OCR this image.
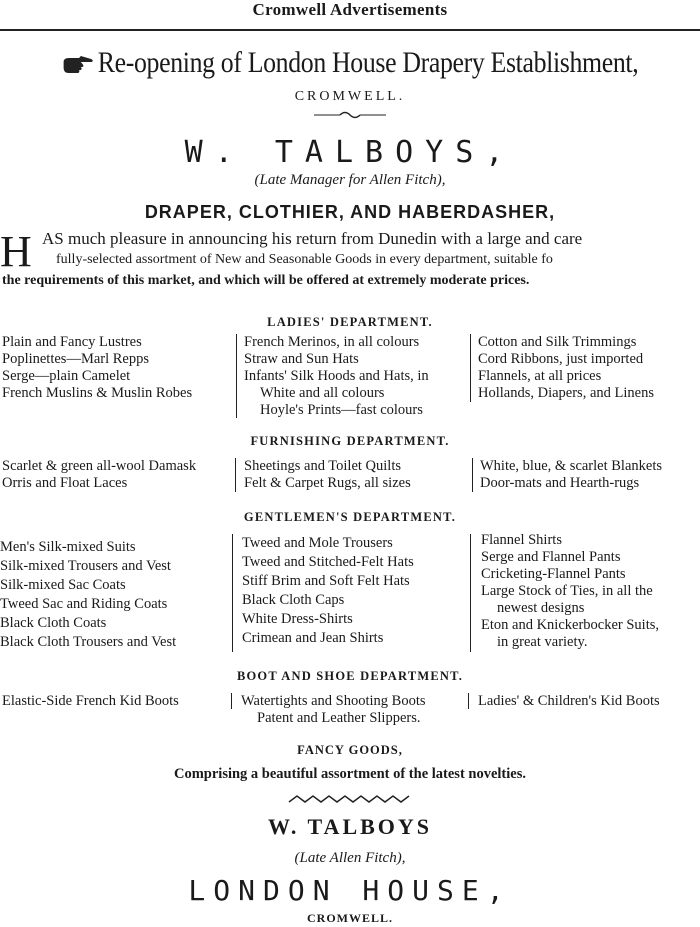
Cromwell Advertisements
Re-opening of London House Drapery Establishment,
CROMWELL.
W. TALBOYS,
(Late Manager for Allen Fitch),
DRAPER, CLOTHIER, AND HABERDASHER,
H AS much pleasure in announcing his return from Dunedin with a large and care

fully-selected assortment of New and Seasonable Goods in every department, suitable fo

the requirements of this market, and which will be offered at extremely moderate prices.

LADIES' DEPARTMENT.
Plain and Fancy Lustres
Poplinettes—Marl Repps
Serge—plain Camelet
French Muslins & Muslin Robes
French Merinos, in all colours
Straw and Sun Hats
Infants' Silk Hoods and Hats, in
White and all colours
Hoyle's Prints—fast colours
Cotton and Silk Trimmings
Cord Ribbons, just imported
Flannels, at all prices
Hollands, Diapers, and Linens
FURNISHING DEPARTMENT.
Scarlet & green all-wool Damask
Orris and Float Laces
Sheetings and Toilet Quilts
Felt & Carpet Rugs, all sizes
White, blue, & scarlet Blankets
Door-mats and Hearth-rugs
GENTLEMEN'S DEPARTMENT.
Men's Silk-mixed Suits
Silk-mixed Trousers and Vest
Silk-mixed Sac Coats
Tweed Sac and Riding Coats
Black Cloth Coats
Black Cloth Trousers and Vest
Tweed and Mole Trousers
Tweed and Stitched-Felt Hats
Stiff Brim and Soft Felt Hats
Black Cloth Caps
White Dress-Shirts
Crimean and Jean Shirts
Flannel Shirts
Serge and Flannel Pants
Cricketing-Flannel Pants
Large Stock of Ties, in all the
newest designs
Eton and Knickerbocker Suits,
in great variety.
BOOT AND SHOE DEPARTMENT.
Elastic-Side French Kid Boots	Watertights and Shooting Boots
Patent and Leather Slippers.
Ladies' & Children's Kid Boots
FANCY GOODS,
Comprising a beautiful assortment of the latest novelties.
W. TALBOYS
(Late Allen Fitch),
LONDON HOUSE,
CROMWELL.
